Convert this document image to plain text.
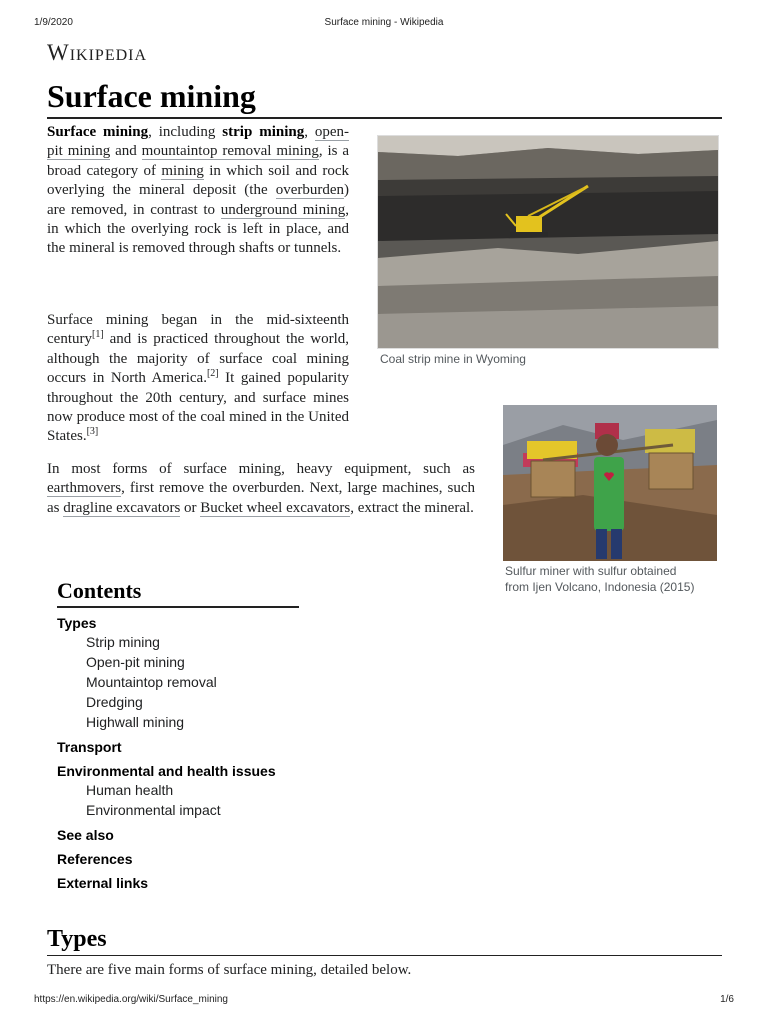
1/9/2020	Surface mining - Wikipedia
Wikipedia
Surface mining
Surface mining, including strip mining, open-pit mining and mountaintop removal mining, is a broad category of mining in which soil and rock overlying the mineral deposit (the overburden) are removed, in contrast to underground mining, in which the overlying rock is left in place, and the mineral is removed through shafts or tunnels.
Coal strip mine in Wyoming
Surface mining began in the mid-sixteenth century[1] and is practiced throughout the world, although the majority of surface coal mining occurs in North America.[2] It gained popularity throughout the 20th century, and surface mines now produce most of the coal mined in the United States.[3]
In most forms of surface mining, heavy equipment, such as earthmovers, first remove the overburden. Next, large machines, such as dragline excavators or Bucket wheel excavators, extract the mineral.
Sulfur miner with sulfur obtained
from Ijen Volcano, Indonesia (2015)
Contents
Types
Strip mining
Open-pit mining
Mountaintop removal
Dredging
Highwall mining
Transport
Environmental and health issues
Human health
Environmental impact
See also
References
External links
Types
There are five main forms of surface mining, detailed below.
https://en.wikipedia.org/wiki/Surface_mining	1/6
